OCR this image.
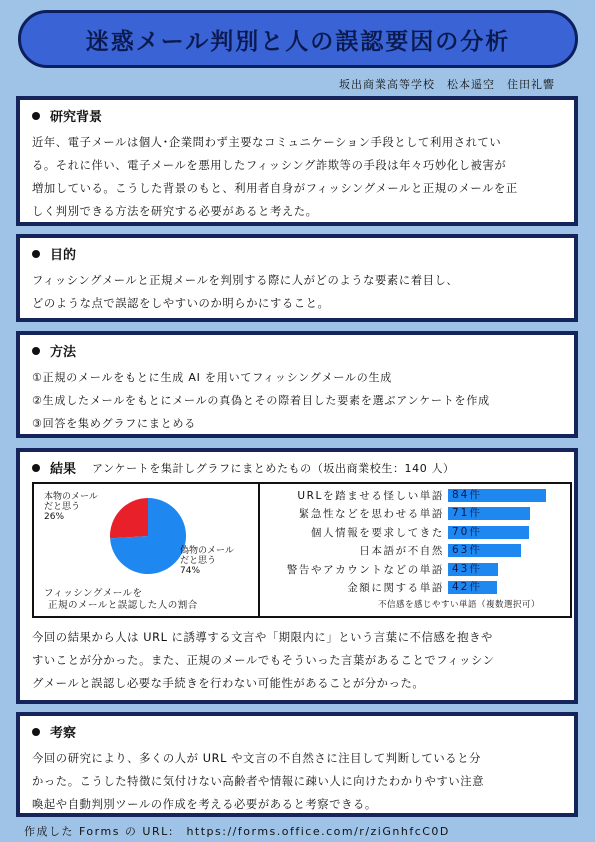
迷惑メール判別と人の誤認要因の分析
坂出商業高等学校　松本遥空　住田礼響
研究背景
近年、電子メールは個人･企業問わず主要なコミュニケーション手段として利用されてい
る。それに伴い、電子メールを悪用したフィッシング詐欺等の手段は年々巧妙化し被害が
増加している。こうした背景のもと、利用者自身がフィッシングメールと正規のメールを正
しく判別できる方法を研究する必要があると考えた。
目的
フィッシングメールと正規メールを判別する際に人がどのような要素に着目し、
どのような点で誤認をしやすいのか明らかにすること。
方法
①正規のメールをもとに生成 AI を用いてフィッシングメールの生成
②生成したメールをもとにメールの真偽とその際着目した要素を選ぶアンケートを作成
③回答を集めグラフにまとめる
結果 アンケートを集計しグラフにまとめたもの（坂出商業校生：140 人）
本物のメール
だと思う
26%
偽物のメール
だと思う
74%
フィッシングメールを
正規のメールと誤認した人の割合
URLを踏ませる怪しい単語 84件
緊急性などを思わせる単語 71件
個人情報を要求してきた 70件
日本語が不自然 63件
警告やアカウントなどの単語 43件
金額に関する単語 42件
不信感を感じやすい単語（複数選択可）
今回の結果から人は URL に誘導する文言や「期限内に」という言葉に不信感を抱きや
すいことが分かった。また、正規のメールでもそういった言葉があることでフィッシン
グメールと誤認し必要な手続きを行わない可能性があることが分かった。
考察
今回の研究により、多くの人が URL や文言の不自然さに注目して判断していると分
かった。こうした特徴に気付けない高齢者や情報に疎い人に向けたわかりやすい注意
喚起や自動判別ツールの作成を考える必要があると考察できる。
作成した Forms の URL:　https://forms.office.com/r/ziGnhfcC0D
